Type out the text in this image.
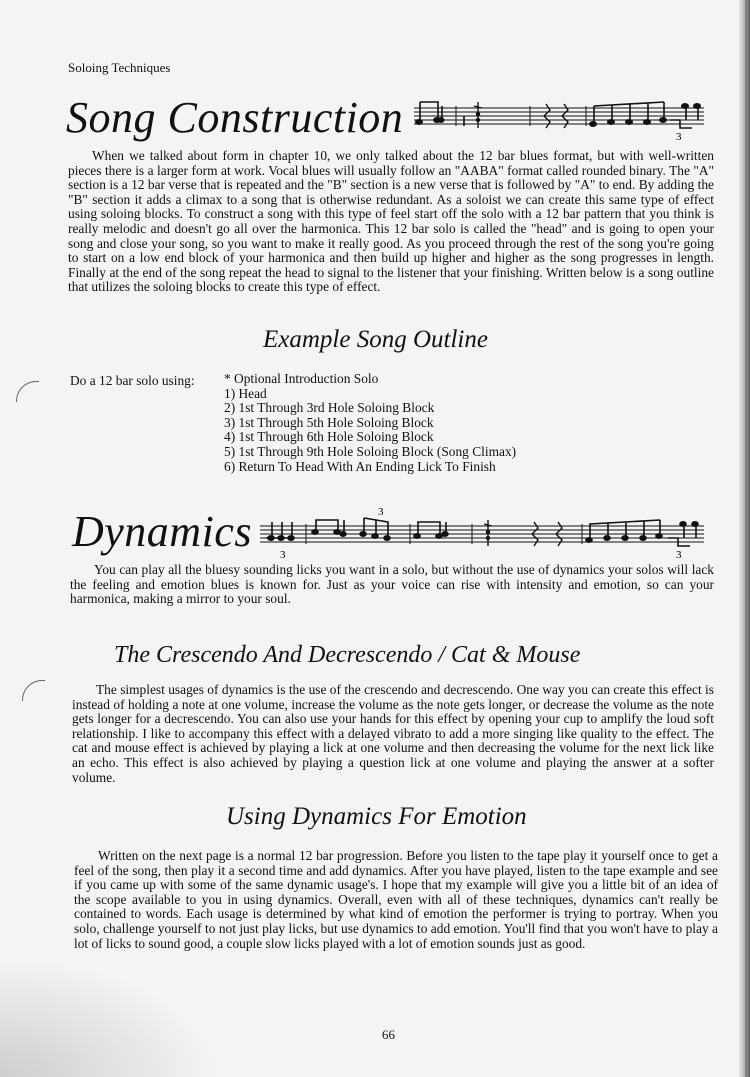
Soloing Techniques
Song Construction	3
When we talked about form in chapter 10, we only talked about the 12 bar blues format, but with well-written pieces there is a larger form at work. Vocal blues will usually follow an "AABA" format called rounded binary. The "A" section is a 12 bar verse that is repeated and the "B" section is a new verse that is followed by "A" to end. By adding the "B" section it adds a climax to a song that is otherwise redundant. As a soloist we can create this same type of effect using soloing blocks. To construct a song with this type of feel start off the solo with a 12 bar pattern that you think is really melodic and doesn't go all over the harmonica. This 12 bar solo is called the "head" and is going to open your song and close your song, so you want to make it really good. As you proceed through the rest of the song you're going to start on a low end block of your harmonica and then build up higher and higher as the song progresses in length. Finally at the end of the song repeat the head to signal to the listener that your finishing. Written below is a song outline that utilizes the soloing blocks to create this type of effect.
Example Song Outline
Do a 12 bar solo using: * Optional Introduction Solo
1) Head
2) 1st Through 3rd Hole Soloing Block
3) 1st Through 5th Hole Soloing Block
4) 1st Through 6th Hole Soloing Block
5) 1st Through 9th Hole Soloing Block (Song Climax)
6) Return To Head With An Ending Lick To Finish
Dynamics	3
3
3
You can play all the bluesy sounding licks you want in a solo, but without the use of dynamics your solos will lack the feeling and emotion blues is known for. Just as your voice can rise with intensity and emotion, so can your harmonica, making a mirror to your soul.
The Crescendo And Decrescendo / Cat & Mouse
The simplest usages of dynamics is the use of the crescendo and decrescendo. One way you can create this effect is instead of holding a note at one volume, increase the volume as the note gets longer, or decrease the volume as the note gets longer for a decrescendo. You can also use your hands for this effect by opening your cup to amplify the loud soft relationship. I like to accompany this effect with a delayed vibrato to add a more singing like quality to the effect. The cat and mouse effect is achieved by playing a lick at one volume and then decreasing the volume for the next lick like an echo. This effect is also achieved by playing a question lick at one volume and playing the answer at a softer volume.
Using Dynamics For Emotion
Written on the next page is a normal 12 bar progression. Before you listen to the tape play it yourself once to get a feel of the song, then play it a second time and add dynamics. After you have played, listen to the tape example and see if you came up with some of the same dynamic usage's. I hope that my example will give you a little bit of an idea of the scope available to you in using dynamics. Overall, even with all of these techniques, dynamics can't really be contained to words. Each usage is determined by what kind of emotion the performer is trying to portray. When you solo, challenge yourself to not just play licks, but use dynamics to add emotion. You'll find that you won't have to play a lot of licks to sound good, a couple slow licks played with a lot of emotion sounds just as good.
66
